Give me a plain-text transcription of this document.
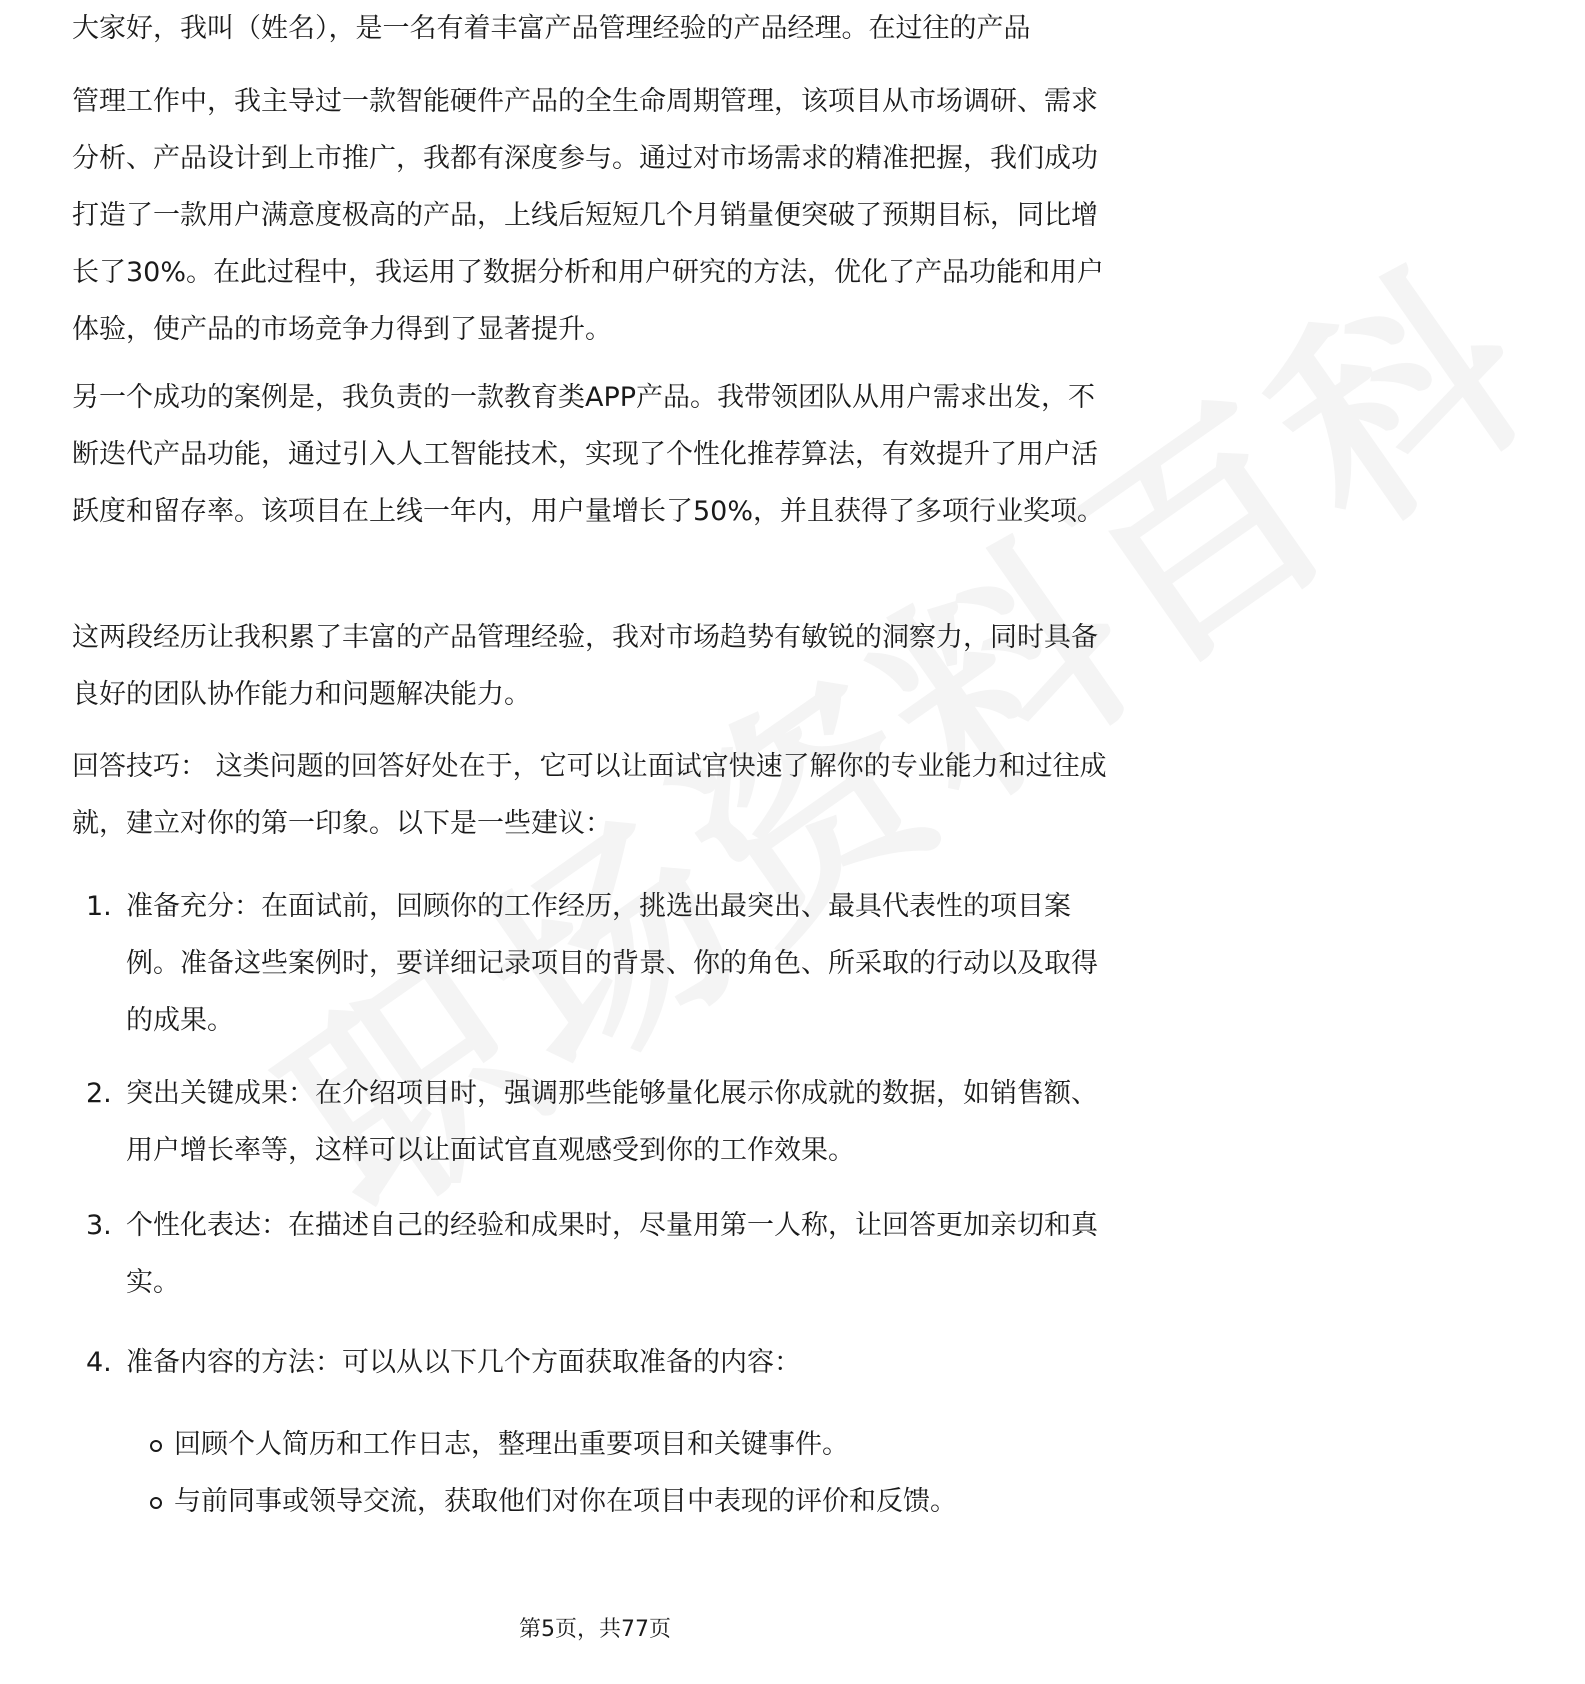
大家好，我叫（姓名），是一名有着丰富产品管理经验的产品经理。在过往的产品

管理工作中，我主导过一款智能硬件产品的全生命周期管理，该项目从市场调研、需求分析、产品设计到上市推广，我都有深度参与。通过对市场需求的精准把握，我们成功打造了一款用户满意度极高的产品，上线后短短几个月销量便突破了预期目标，同比增长了30%。在此过程中，我运用了数据分析和用户研究的方法，优化了产品功能和用户体验，使产品的市场竞争力得到了显著提升。

另一个成功的案例是，我负责的一款教育类APP产品。我带领团队从用户需求出发，不断迭代产品功能，通过引入人工智能技术，实现了个性化推荐算法，有效提升了用户活跃度和留存率。该项目在上线一年内，用户量增长了50%，并且获得了多项行业奖项。

这两段经历让我积累了丰富的产品管理经验，我对市场趋势有敏锐的洞察力，同时具备良好的团队协作能力和问题解决能力。

回答技巧： 这类问题的回答好处在于，它可以让面试官快速了解你的专业能力和过往成就，建立对你的第一印象。以下是一些建议：

1. 准备充分：在面试前，回顾你的工作经历，挑选出最突出、最具代表性的项目案例。准备这些案例时，要详细记录项目的背景、你的角色、所采取的行动以及取得的成果。
2. 突出关键成果：在介绍项目时，强调那些能够量化展示你成就的数据，如销售额、用户增长率等，这样可以让面试官直观感受到你的工作效果。
3. 个性化表达：在描述自己的经验和成果时，尽量用第一人称，让回答更加亲切和真实。
4. 准备内容的方法：可以从以下几个方面获取准备的内容：
回顾个人简历和工作日志，整理出重要项目和关键事件。
与前同事或领导交流，获取他们对你在项目中表现的评价和反馈。
第5页，共77页
